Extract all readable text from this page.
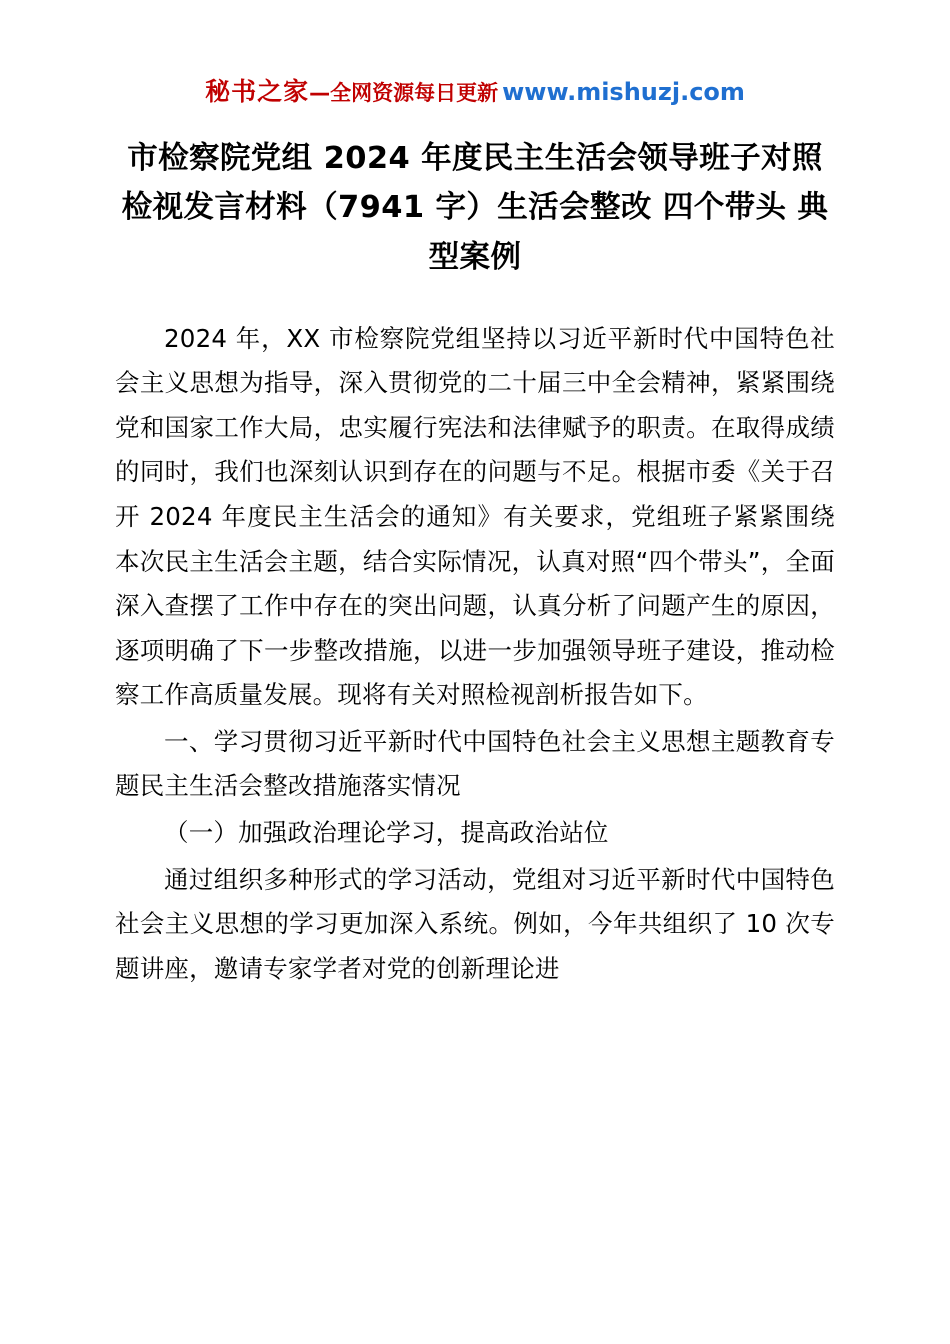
秘书之家—全网资源每日更新 www.mishuzj.com
市检察院党组 2024 年度民主生活会领导班子对照检视发言材料（7941 字）生活会整改 四个带头 典型案例

2024 年，XX 市检察院党组坚持以习近平新时代中国特色社会主义思想为指导，深入贯彻党的二十届三中全会精神，紧紧围绕党和国家工作大局，忠实履行宪法和法律赋予的职责。在取得成绩的同时，我们也深刻认识到存在的问题与不足。根据市委《关于召开 2024 年度民主生活会的通知》有关要求，党组班子紧紧围绕本次民主生活会主题，结合实际情况，认真对照“四个带头”，全面深入查摆了工作中存在的突出问题，认真分析了问题产生的原因，逐项明确了下一步整改措施，以进一步加强领导班子建设，推动检察工作高质量发展。现将有关对照检视剖析报告如下。

一、学习贯彻习近平新时代中国特色社会主义思想主题教育专题民主生活会整改措施落实情况

（一）加强政治理论学习，提高政治站位

通过组织多种形式的学习活动，党组对习近平新时代中国特色社会主义思想的学习更加深入系统。例如，今年共组织了 10 次专题讲座，邀请专家学者对党的创新理论进
